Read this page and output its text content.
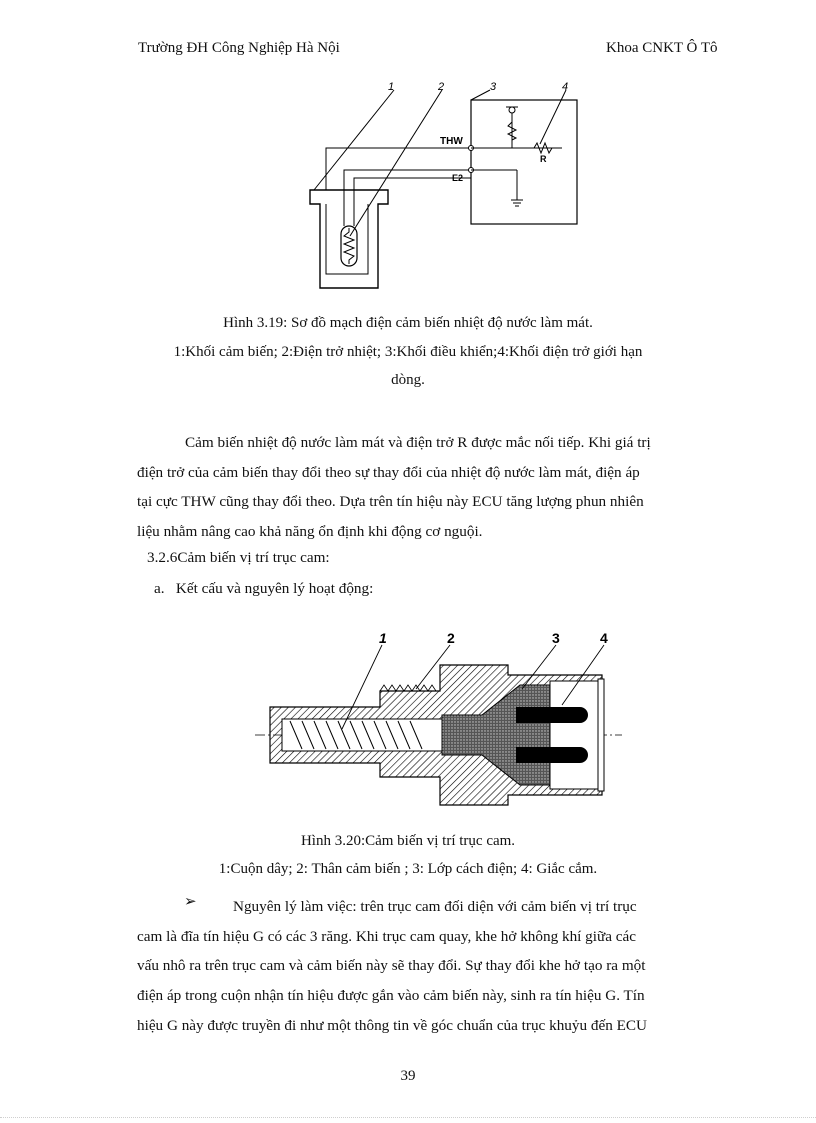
Trường ĐH Công Nghiệp Hà Nội	Khoa CNKT Ô Tô
1	2	3	4
THW
E2
R
Hình 3.19: Sơ đồ mạch điện cảm biến nhiệt độ nước làm mát.
1:Khối cảm biến; 2:Điện trở nhiệt; 3:Khối điều khiển;4:Khối điện trở giới hạn
dòng.
Cảm biến nhiệt độ nước làm mát và điện trở R được mắc nối tiếp. Khi giá trị
điện trở của cảm biến thay đổi theo sự thay đổi của nhiệt độ nước làm mát, điện áp
tại cực THW cũng thay đổi theo. Dựa trên tín hiệu này ECU tăng lượng phun nhiên
liệu nhằm nâng cao khả năng ổn định khi động cơ nguội.
3.2.6Cảm biến vị trí trục cam:
a.   Kết cấu và nguyên lý hoạt động:
1	2	3	4
Hình 3.20:Cảm biến vị trí trục cam.
1:Cuộn dây; 2: Thân cảm biến ; 3: Lớp cách điện; 4: Giắc cắm.
➢	Nguyên lý làm việc: trên trục cam đối diện với cảm biến vị trí trục
cam là đĩa tín hiệu G có các 3 răng. Khi trục cam quay, khe hở không khí giữa các
vấu nhô ra trên trục cam và cảm biến này sẽ thay đổi. Sự thay đổi khe hở tạo ra một
điện áp trong cuộn nhận tín hiệu được gắn vào cảm biến này, sinh ra tín hiệu G. Tín
hiệu G này được truyền đi như một thông tin về góc chuẩn của trục khuỷu đến ECU
39
